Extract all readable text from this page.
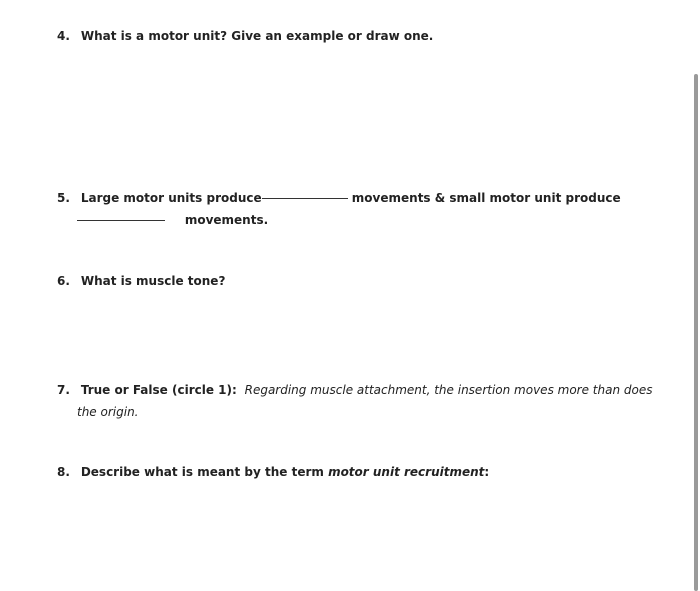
4. What is a motor unit? Give an example or draw one.
5. Large motor units produce	movements & small motor unit produce
movements.
6. What is muscle tone?
7. True or False (circle 1): Regarding muscle attachment, the insertion moves more than does
the origin.
8. Describe what is meant by the term motor unit recruitment:
